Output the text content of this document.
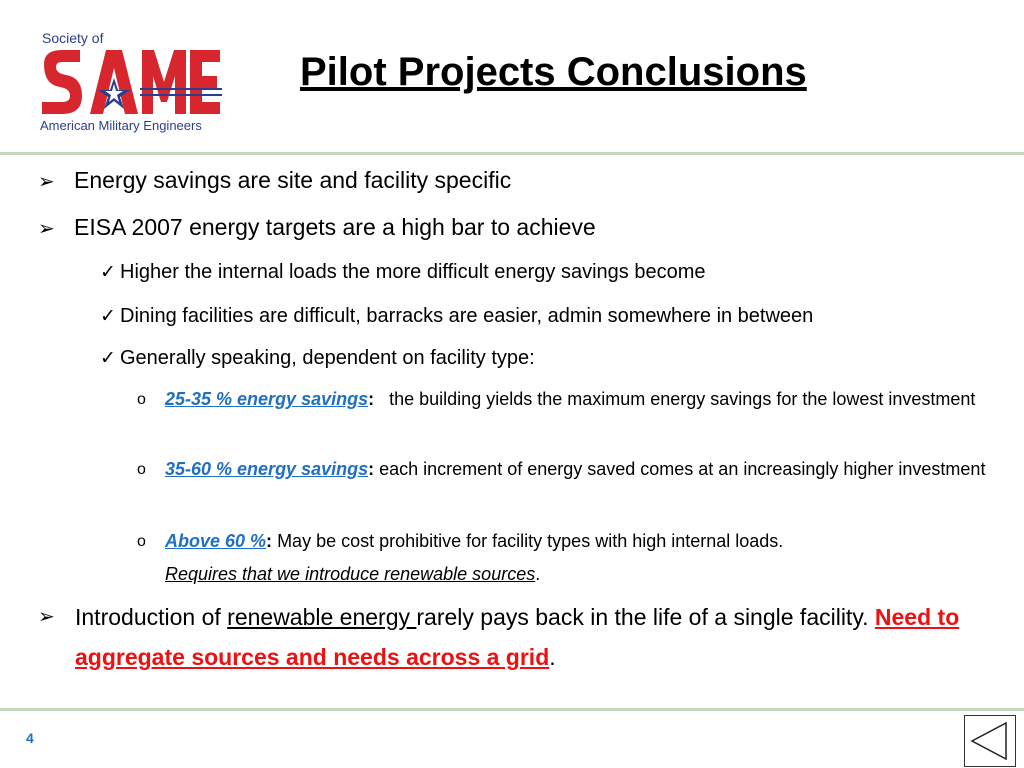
Society of
American Military Engineers
Pilot Projects Conclusions
➢ Energy savings are site and facility specific
➢ EISA 2007 energy targets are a high bar to achieve
✓ Higher the internal loads the more difficult energy savings become
✓ Dining facilities are difficult, barracks are easier, admin somewhere in between
✓ Generally speaking, dependent on facility type:
o	25-35 % energy savings: the building yields the maximum energy savings for the lowest investment
o	35-60 % energy savings: each increment of energy saved comes at an increasingly higher investment
o	Above 60 %: May be cost prohibitive for facility types with high internal loads.
Requires that we introduce renewable sources.
➢ Introduction of renewable energy rarely pays back in the life of a single facility. Need to aggregate sources and needs across a grid.
4
